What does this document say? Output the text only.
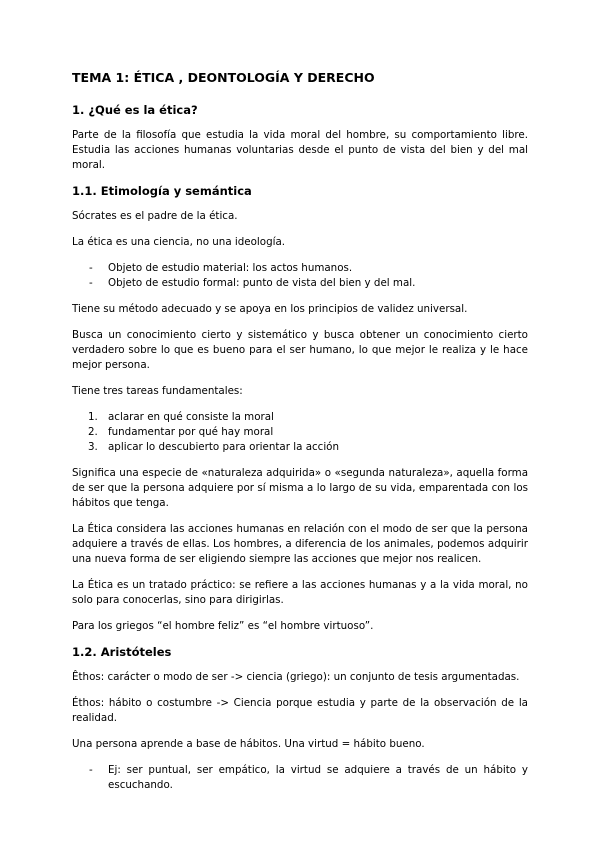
TEMA 1: ÉTICA , DEONTOLOGÍA Y DERECHO
1. ¿Qué es la ética?

Parte de la filosofía que estudia la vida moral del hombre, su comportamiento libre. Estudia las acciones humanas voluntarias desde el punto de vista del bien y del mal moral.

1.1. Etimología y semántica

Sócrates es el padre de la ética.

La ética es una ciencia, no una ideología.

- Objeto de estudio material: los actos humanos.
- Objeto de estudio formal: punto de vista del bien y del mal.

Tiene su método adecuado y se apoya en los principios de validez universal.

Busca un conocimiento cierto y sistemático y busca obtener un conocimiento cierto verdadero sobre lo que es bueno para el ser humano, lo que mejor le realiza y le hace mejor persona.

Tiene tres tareas fundamentales:

1. aclarar en qué consiste la moral
2. fundamentar por qué hay moral
3. aplicar lo descubierto para orientar la acción

Significa una especie de «naturaleza adquirida» o «segunda naturaleza», aquella forma de ser que la persona adquiere por sí misma a lo largo de su vida, emparentada con los hábitos que tenga.

La Ética considera las acciones humanas en relación con el modo de ser que la persona adquiere a través de ellas. Los hombres, a diferencia de los animales, podemos adquirir una nueva forma de ser eligiendo siempre las acciones que mejor nos realicen.

La Ética es un tratado práctico: se refiere a las acciones humanas y a la vida moral, no solo para conocerlas, sino para dirigirlas.

Para los griegos “el hombre feliz” es “el hombre virtuoso”.

1.2. Aristóteles

Êthos: carácter o modo de ser -> ciencia (griego): un conjunto de tesis argumentadas.

Éthos: hábito o costumbre -> Ciencia porque estudia y parte de la observación de la realidad.

Una persona aprende a base de hábitos. Una virtud = hábito bueno.

- Ej: ser puntual, ser empático, la virtud se adquiere a través de un hábito y escuchando.
